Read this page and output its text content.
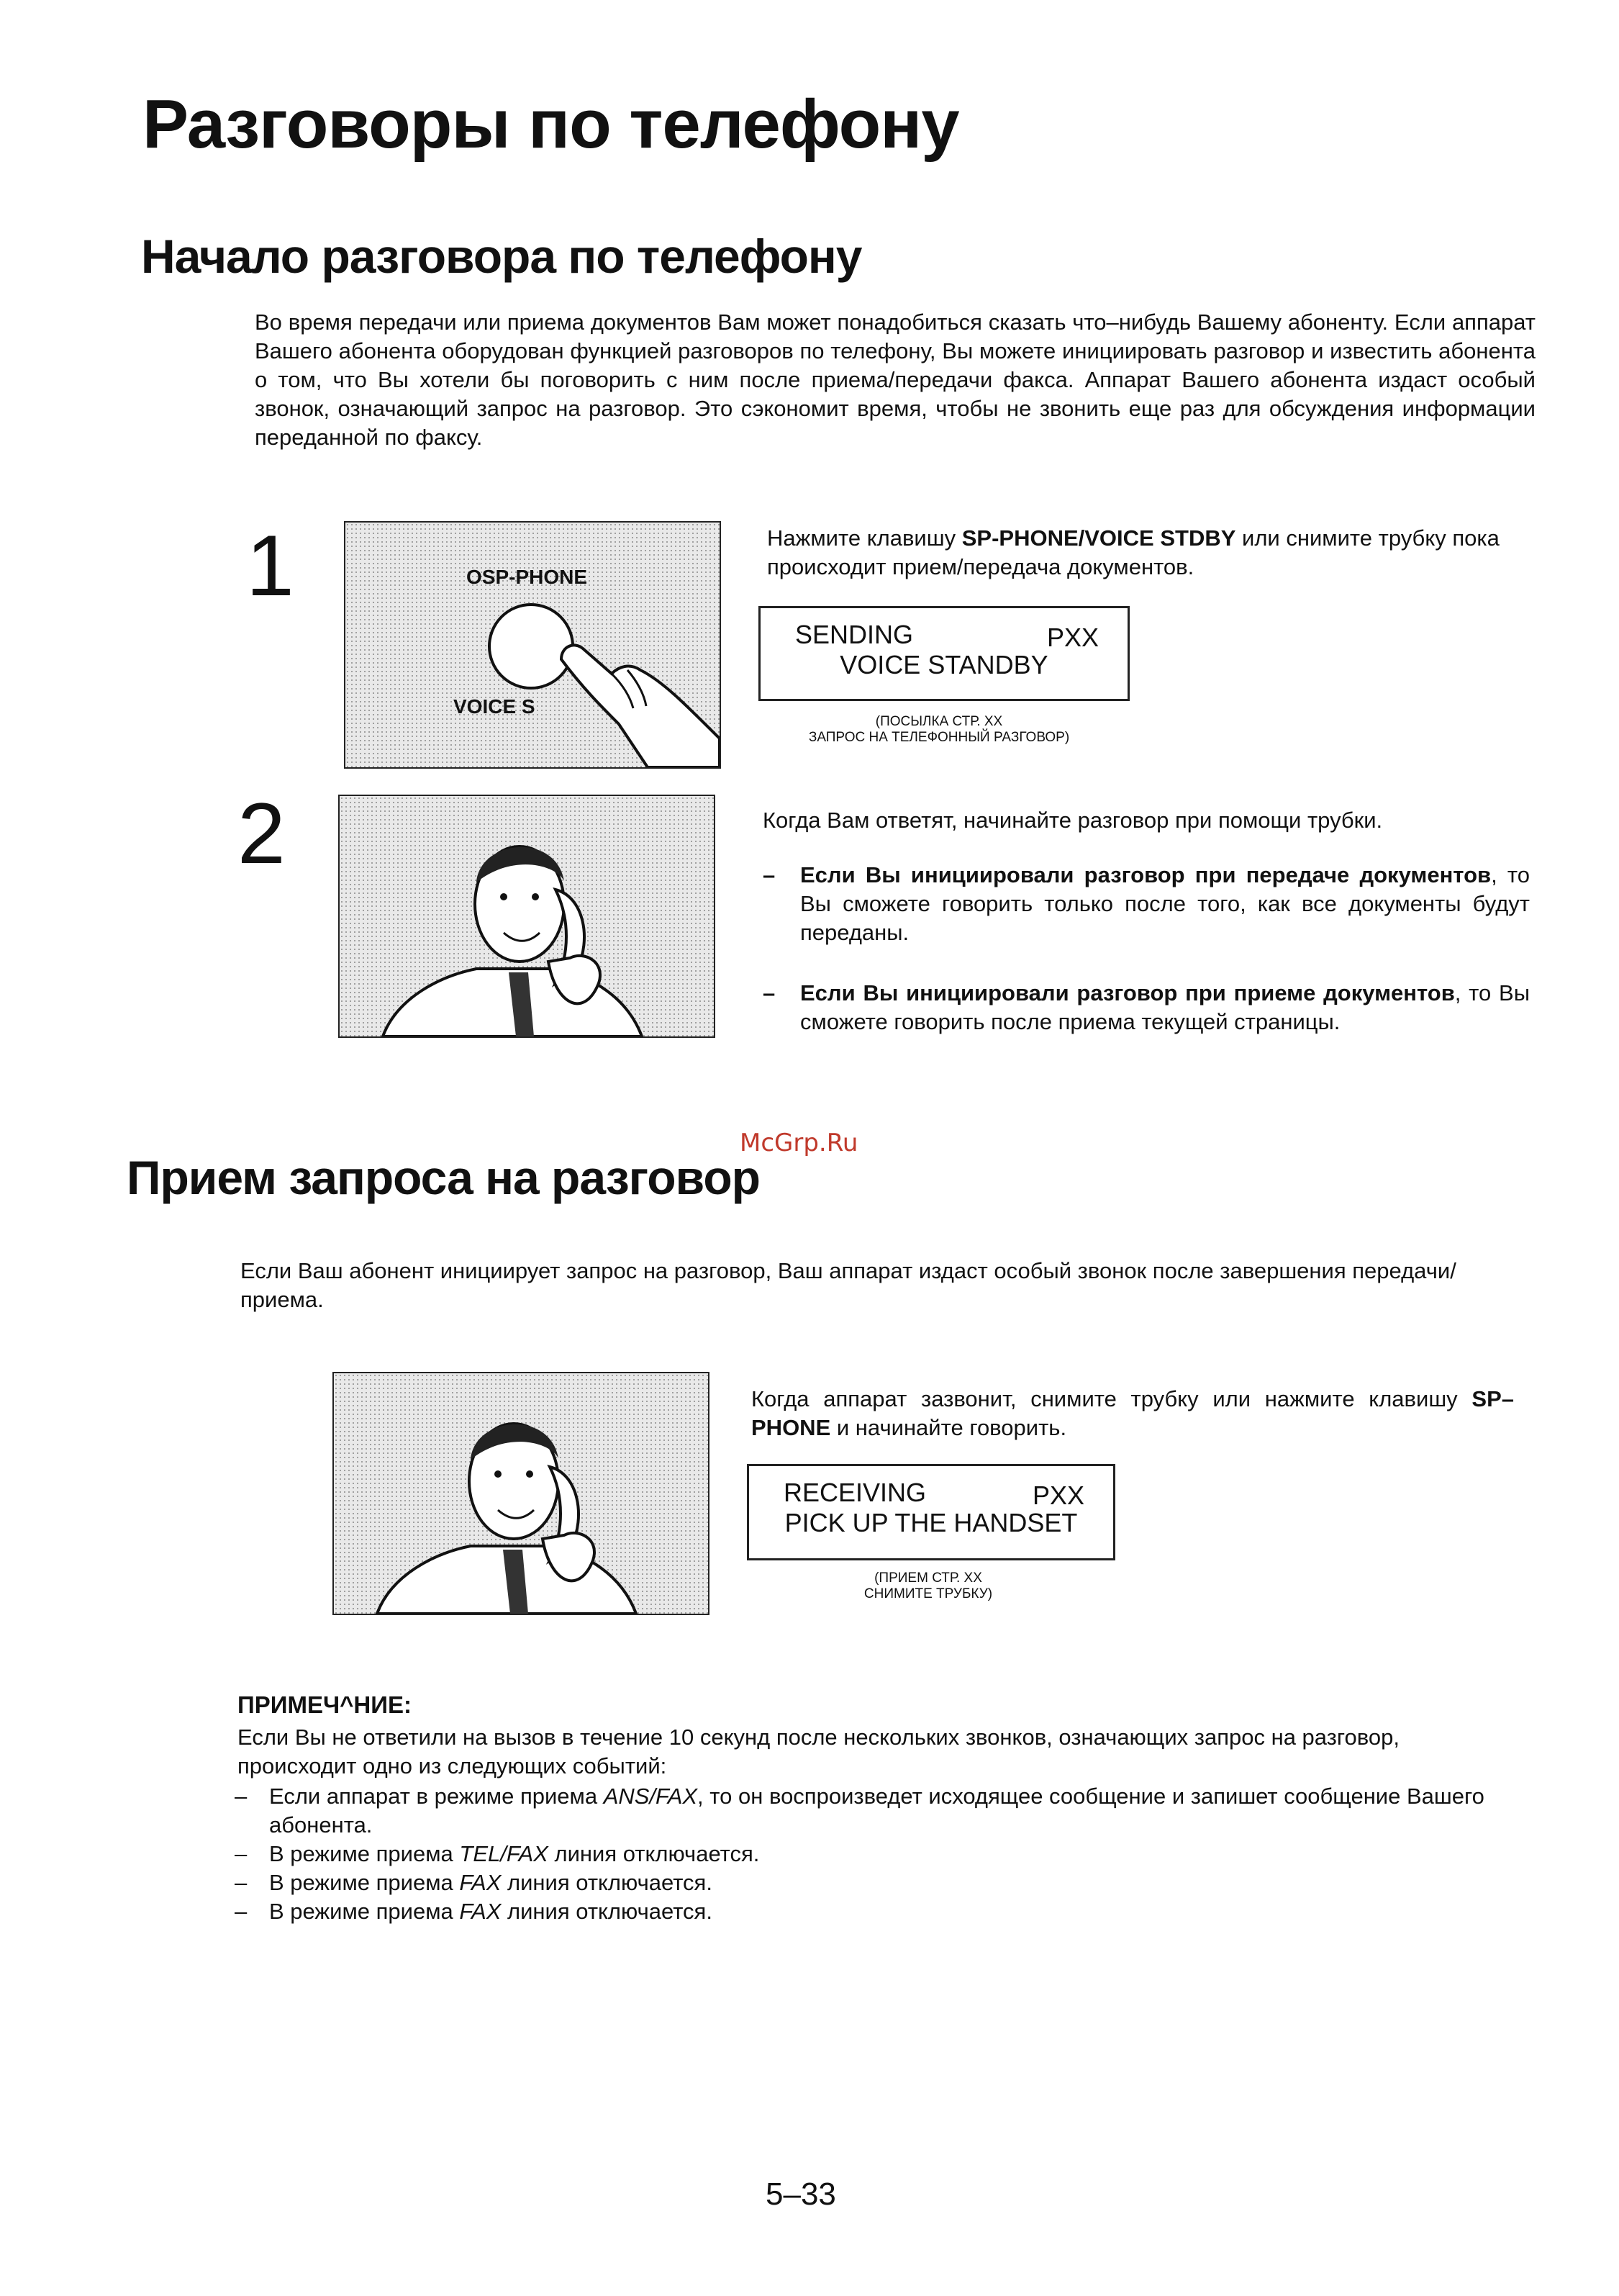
Разговоры по телефону
Начало разговора по телефону
Во время передачи или приема документов Вам может понадобиться сказать что–нибудь Вашему абоненту. Если аппарат Вашего абонента оборудован функцией разговоров по телефону, Вы можете инициировать разговор и известить абонента о том, что Вы хотели бы поговорить с ним после приема/передачи факса. Аппарат Вашего абонента издаст особый звонок, означающий запрос на разговор. Это сэкономит время, чтобы не звонить еще раз для обсуждения информации переданной по факсу.
1	OSP-PHONE
VOICE S
Нажмите клавишу SP-PHONE/VOICE STDBY или снимите трубку пока происходит прием/передача документов.
SENDING	PXX
VOICE STANDBY
(ПОСЫЛКА СТР. XX
ЗАПРОС НА ТЕЛЕФОННЫЙ РАЗГОВОР)
2	Когда Вам ответят, начинайте разговор при помощи трубки.
–	Если Вы инициировали разговор при передаче документов, то Вы сможете говорить только после того, как все документы будут переданы.
–	Если Вы инициировали разговор при приеме документов, то Вы сможете говорить после приема текущей страницы.
McGrp.Ru
Прием запроса на разговор
Если Ваш абонент инициирует запрос на разговор, Ваш аппарат издаст особый звонок после завершения передачи/приема.
Когда аппарат зазвонит, снимите трубку или нажмите клавишу SP–PHONE и начинайте говорить.
RECEIVING	PXX
PICK UP THE HANDSET
(ПРИЕМ СТР. XX
СНИМИТЕ ТРУБКУ)
ПРИМЕЧ^НИЕ:
Если Вы не ответили на вызов в течение 10 секунд после нескольких звонков, означающих запрос на разговор, происходит одно из следующих событий:
– Если аппарат в режиме приема ANS/FAX, то он воспроизведет исходящее сообщение и запишет сообщение Вашего абонента.
– В режиме приема TEL/FAX линия отключается.
– В режиме приема FAX линия отключается.
– В режиме приема FAX линия отключается.
5–33
